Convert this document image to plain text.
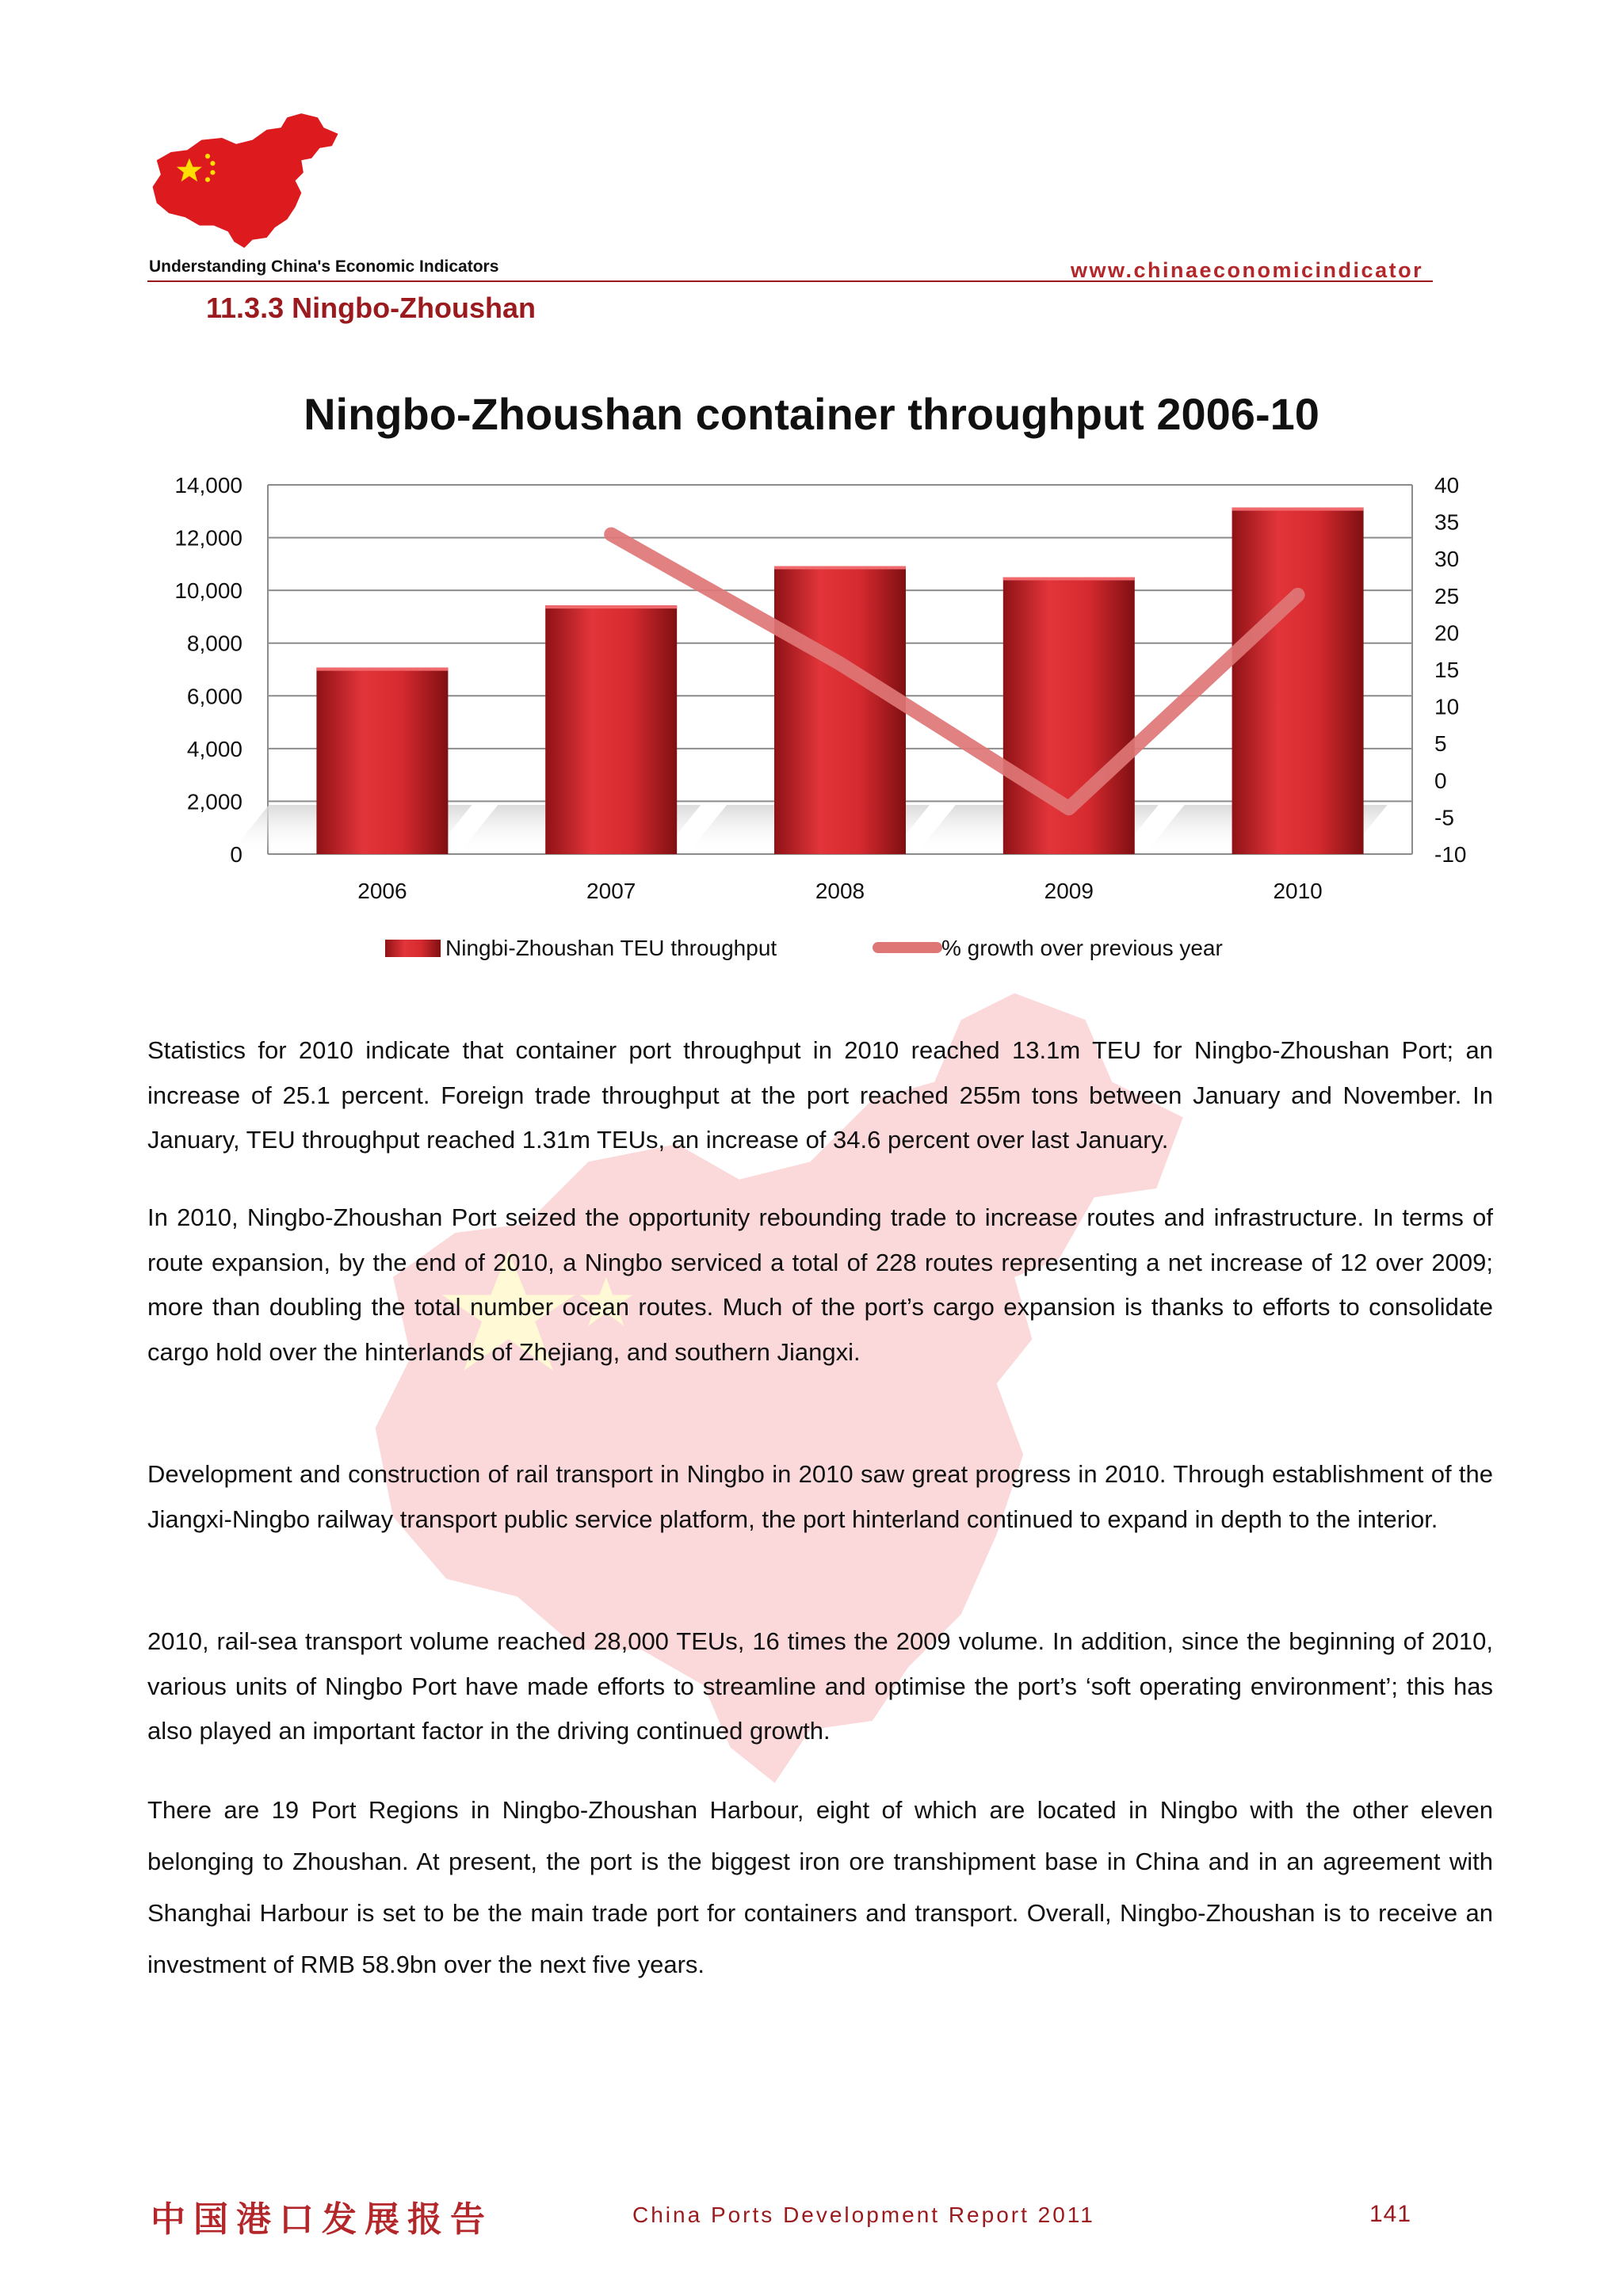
Understanding China's Economic Indicators	www.chinaeconomicindicator
11.3.3 Ningbo-Zhoushan
Ningbo-Zhoushan container throughput 2006-10
0
2,000
4,000
6,000
8,000
10,000
12,000
14,000
-10
-5
0
5
10
15
20
25
30
35
40
2006	2007	2008	2009	2010
Ningbi-Zhoushan TEU throughput	% growth over previous year

Statistics for 2010 indicate that container port throughput in 2010 reached 13.1m TEU for Ningbo-Zhoushan Port; an increase of 25.1 percent. Foreign trade throughput at the port reached 255m tons between January and November. In January, TEU throughput reached 1.31m TEUs, an increase of 34.6 percent over last January.

In 2010, Ningbo-Zhoushan Port seized the opportunity rebounding trade to increase routes and infrastructure. In terms of route expansion, by the end of 2010, a Ningbo serviced a total of 228 routes representing a net increase of 12 over 2009; more than doubling the total number ocean routes. Much of the port’s cargo expansion is thanks to efforts to consolidate cargo hold over the hinterlands of Zhejiang, and southern Jiangxi.

Development and construction of rail transport in Ningbo in 2010 saw great progress in 2010. Through establishment of the Jiangxi-Ningbo railway transport public service platform, the port hinterland continued to expand in depth to the interior.

2010, rail-sea transport volume reached 28,000 TEUs, 16 times the 2009 volume. In addition, since the beginning of 2010, various units of Ningbo Port have made efforts to streamline and optimise the port’s ‘soft operating environment’; this has also played an important factor in the driving continued growth.

There are 19 Port Regions in Ningbo-Zhoushan Harbour, eight of which are located in Ningbo with the other eleven belonging to Zhoushan. At present, the port is the biggest iron ore transhipment base in China and in an agreement with Shanghai Harbour is set to be the main trade port for containers and transport. Overall, Ningbo-Zhoushan is to receive an investment of RMB 58.9bn over the next five years.

中国港口发展报告	China Ports Development Report 2011	141
